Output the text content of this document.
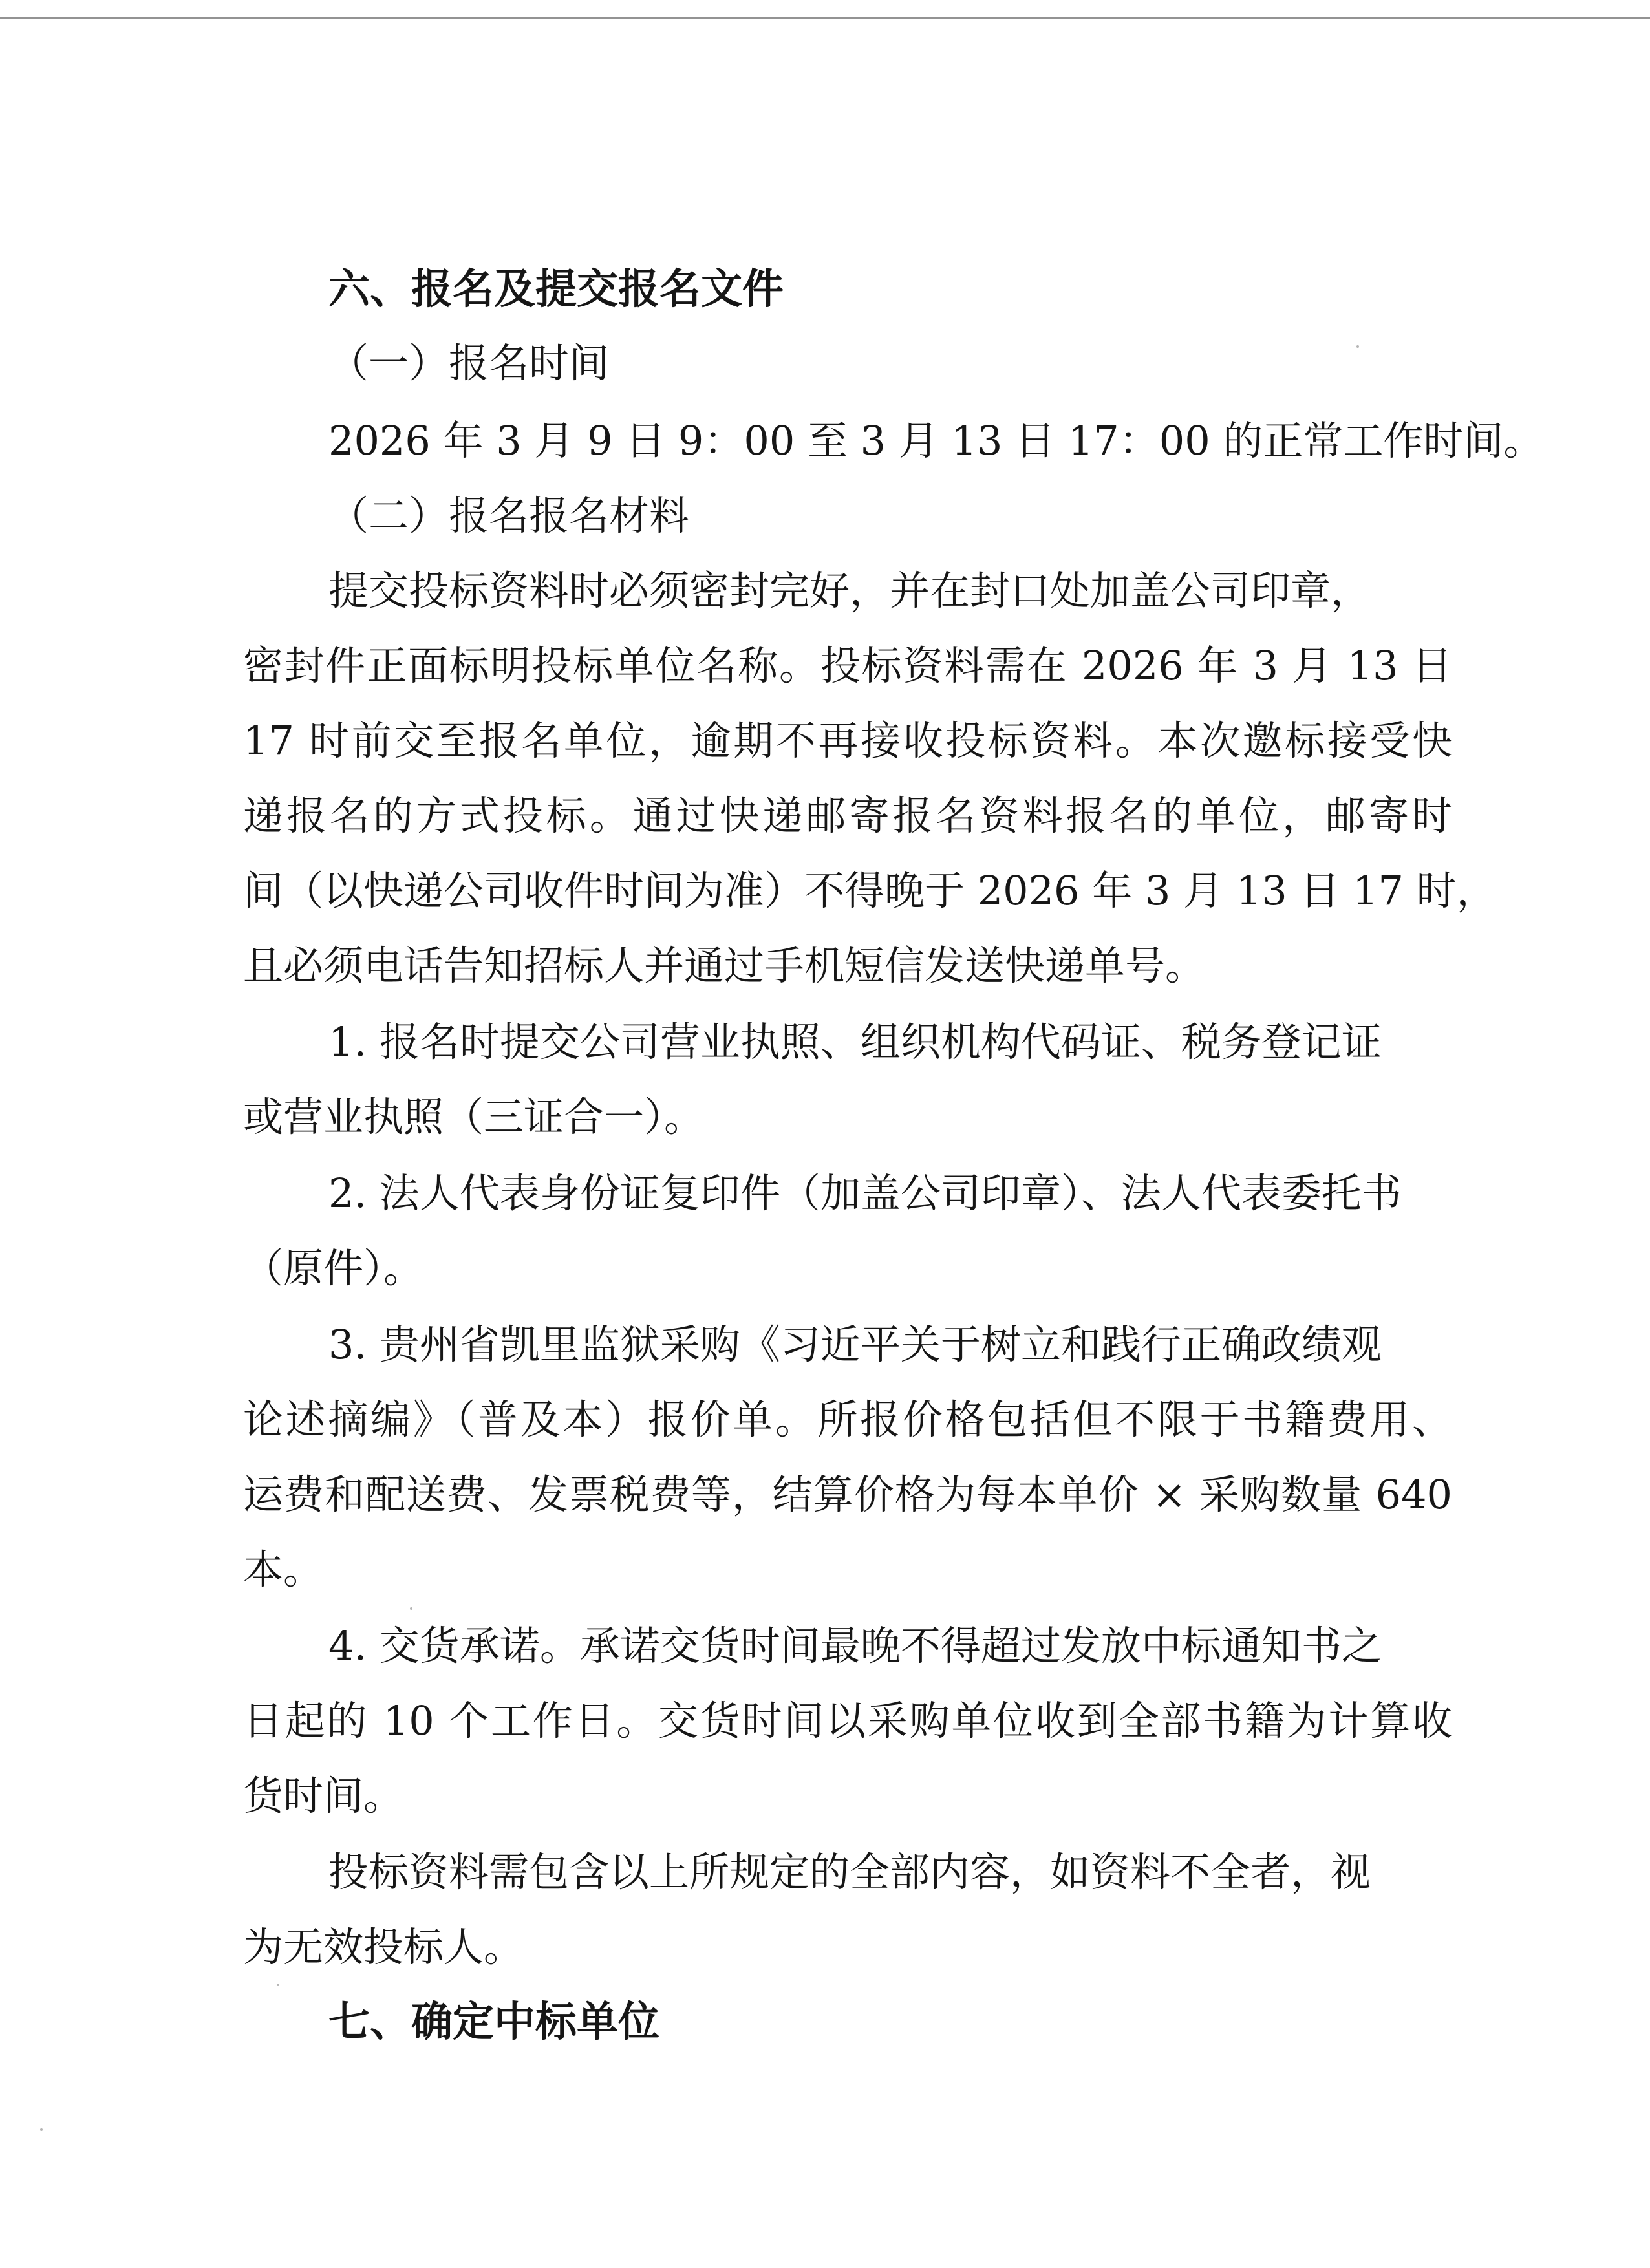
六、报名及提交报名文件
（一）报名时间
2026 年 3 月 9 日 9：00 至 3 月 13 日 17：00 的正常工作时间。
（二）报名报名材料
提交投标资料时必须密封完好，并在封口处加盖公司印章，
密封件正面标明投标单位名称。投标资料需在 2026 年 3 月 13 日
17 时前交至报名单位，逾期不再接收投标资料。本次邀标接受快
递报名的方式投标。通过快递邮寄报名资料报名的单位，邮寄时
间（以快递公司收件时间为准）不得晚于 2026 年 3 月 13 日 17 时，
且必须电话告知招标人并通过手机短信发送快递单号。
1. 报名时提交公司营业执照、组织机构代码证、税务登记证
或营业执照（三证合一）。
2. 法人代表身份证复印件（加盖公司印章）、法人代表委托书
（原件）。
3. 贵州省凯里监狱采购《习近平关于树立和践行正确政绩观
论述摘编》（普及本）报价单。所报价格包括但不限于书籍费用、
运费和配送费、发票税费等，结算价格为每本单价 × 采购数量 640
本。
4. 交货承诺。承诺交货时间最晚不得超过发放中标通知书之
日起的 10 个工作日。交货时间以采购单位收到全部书籍为计算收
货时间。
投标资料需包含以上所规定的全部内容，如资料不全者，视
为无效投标人。
七、确定中标单位
